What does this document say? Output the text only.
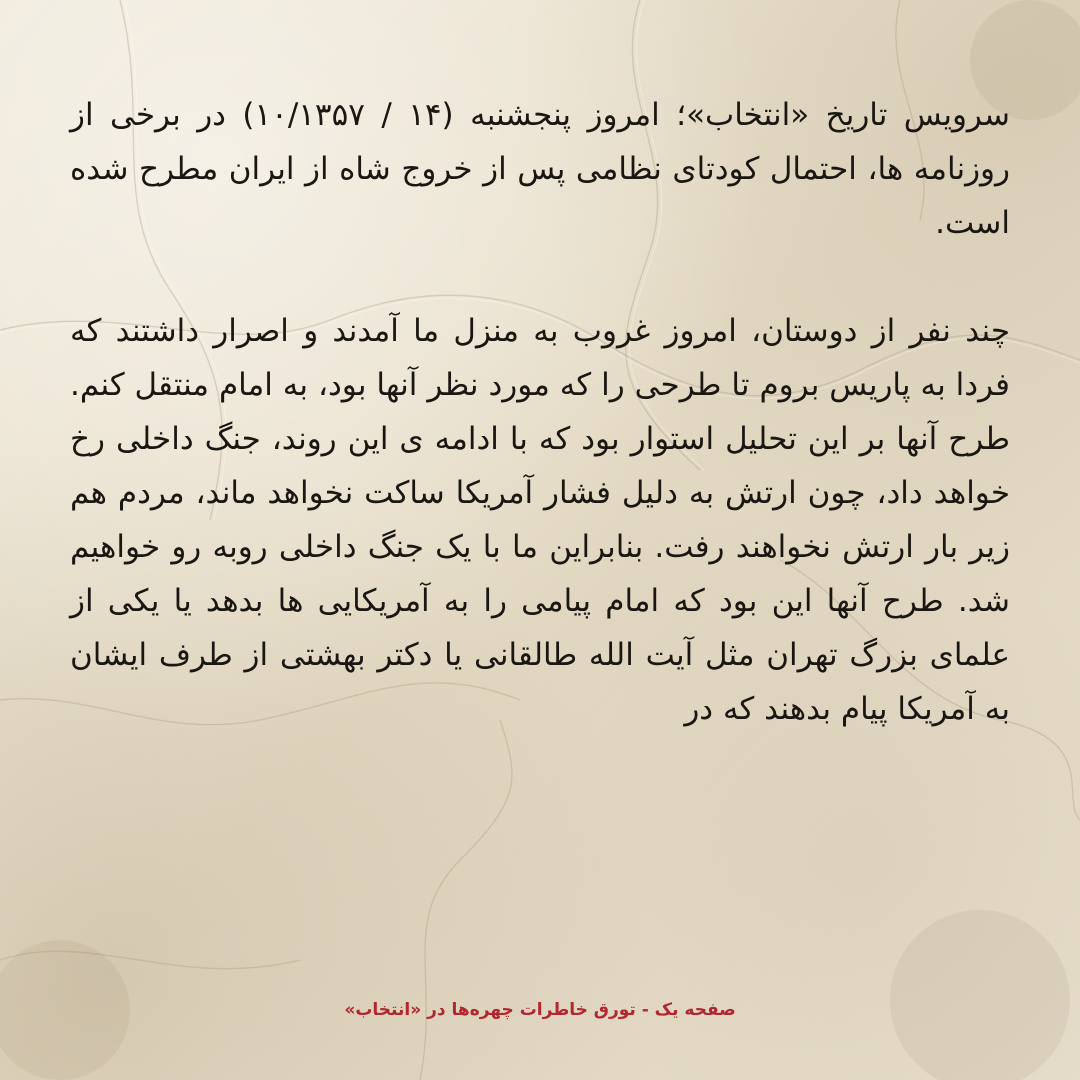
سرویس تاریخ «انتخاب»؛ امروز پنجشنبه (۱۴ / ۱۰/۱۳۵۷) در برخی از روزنامه ها، احتمال کودتای نظامی پس از خروج شاه از ایران مطرح شده است.

چند نفر از دوستان، امروز غروب به منزل ما آمدند و اصرار داشتند که فردا به پاریس بروم تا طرحی را که مورد نظر آنها بود، به امام منتقل کنم. طرح آنها بر این تحلیل استوار بود که با ادامه ی این روند، جنگ داخلی رخ خواهد داد، چون ارتش به دلیل فشار آمریکا ساکت نخواهد ماند، مردم هم زیر بار ارتش نخواهند رفت. بنابراین ما با یک جنگ داخلی روبه رو خواهیم شد. طرح آنها این بود که امام پیامی را به آمریکایی ها بدهد یا یکی از علمای بزرگ تهران مثل آیت الله طالقانی یا دکتر بهشتی از طرف ایشان به آمریکا پیام بدهند که در

صفحه یک - تورق خاطرات چهره‌ها در «انتخاب»
